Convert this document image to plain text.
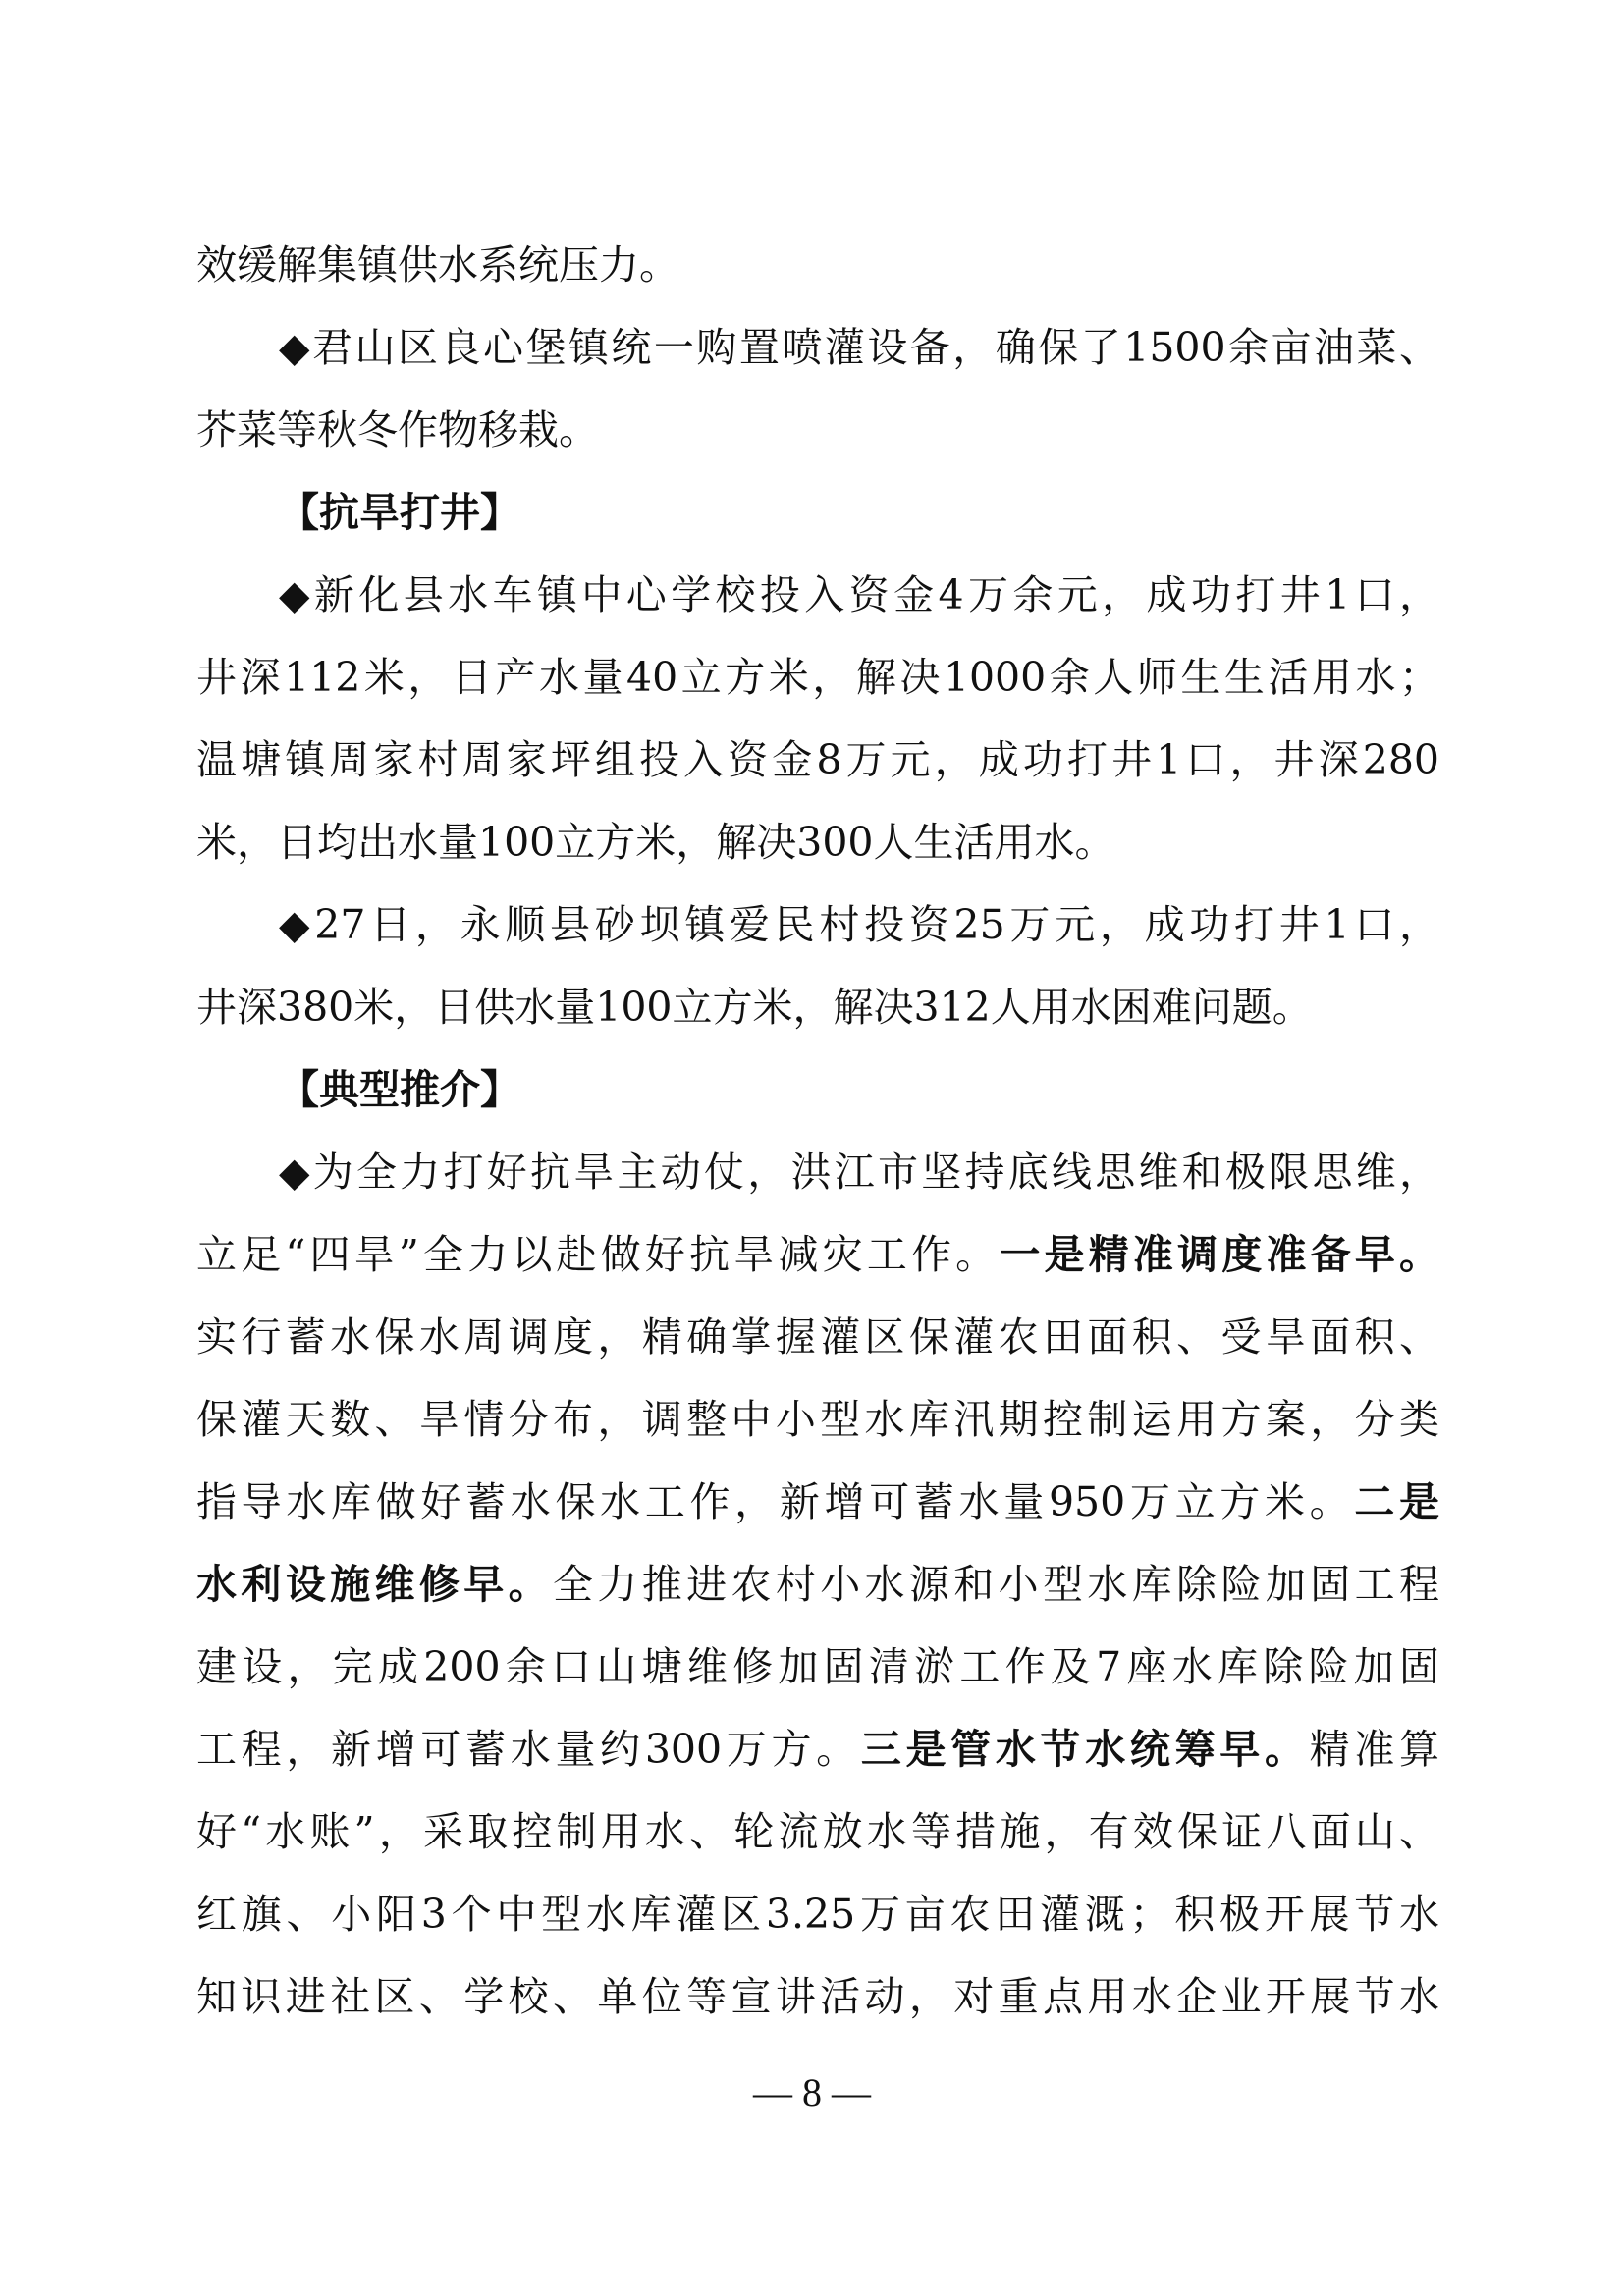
效缓解集镇供水系统压力。
◆君山区良心堡镇统一购置喷灌设备，确保了1500余亩油菜、
芥菜等秋冬作物移栽。
【抗旱打井】
◆新化县水车镇中心学校投入资金4万余元，成功打井1口，
井深112米，日产水量40立方米，解决1000余人师生生活用水；
温塘镇周家村周家坪组投入资金8万元，成功打井1口，井深280
米，日均出水量100立方米，解决300人生活用水。
◆27日，永顺县砂坝镇爱民村投资25万元，成功打井1口，
井深380米，日供水量100立方米，解决312人用水困难问题。
【典型推介】
◆为全力打好抗旱主动仗，洪江市坚持底线思维和极限思维，
立足“四旱”全力以赴做好抗旱减灾工作。一是精准调度准备早。
实行蓄水保水周调度，精确掌握灌区保灌农田面积、受旱面积、
保灌天数、旱情分布，调整中小型水库汛期控制运用方案，分类
指导水库做好蓄水保水工作，新增可蓄水量950万立方米。二是
水利设施维修早。全力推进农村小水源和小型水库除险加固工程
建设，完成200余口山塘维修加固清淤工作及7座水库除险加固
工程，新增可蓄水量约300万方。三是管水节水统筹早。精准算
好“水账”，采取控制用水、轮流放水等措施，有效保证八面山、
红旗、小阳3个中型水库灌区3.25万亩农田灌溉；积极开展节水
知识进社区、学校、单位等宣讲活动，对重点用水企业开展节水
— 8 —
